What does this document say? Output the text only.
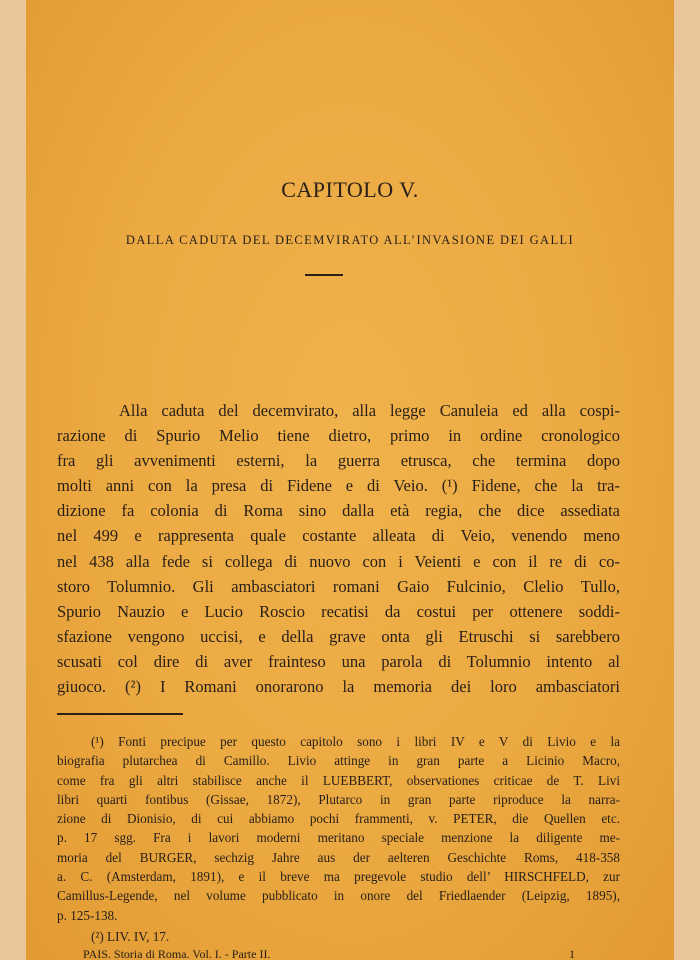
CAPITOLO V.
DALLA CADUTA DEL DECEMVIRATO ALL’INVASIONE DEI GALLI
Alla caduta del decemvirato, alla legge Canuleia ed alla cospi-
razione di Spurio Melio tiene dietro, primo in ordine cronologico
fra gli avvenimenti esterni, la guerra etrusca, che termina dopo
molti anni con la presa di Fidene e di Veio. (¹) Fidene, che la tra-
dizione fa colonia di Roma sino dalla età regia, che dice assediata
nel 499 e rappresenta quale costante alleata di Veio, venendo meno
nel 438 alla fede si collega di nuovo con i Veienti e con il re di co-
storo Tolumnio. Gli ambasciatori romani Gaio Fulcinio, Clelio Tullo,
Spurio Nauzio e Lucio Roscio recatisi da costui per ottenere soddi-
sfazione vengono uccisi, e della grave onta gli Etruschi si sarebbero
scusati col dire di aver frainteso una parola di Tolumnio intento al
giuoco. (²) I Romani onorarono la memoria dei loro ambasciatori
(¹) Fonti precipue per questo capitolo sono i libri IV e V di Livio e la
biografia plutarchea di Camillo. Livio attinge in gran parte a Licinio Macro,
come fra gli altri stabilisce anche il LUEBBERT, observationes criticae de T. Livi
libri quarti fontibus (Gissae, 1872), Plutarco in gran parte riproduce la narra-
zione di Dionisio, di cui abbiamo pochi frammenti, v. PETER, die Quellen etc.
p. 17 sgg. Fra i lavori moderni meritano speciale menzione la diligente me-
moria del BURGER, sechzig Jahre aus der aelteren Geschichte Roms, 418-358
a. C. (Amsterdam, 1891), e il breve ma pregevole studio dell’ HIRSCHFELD, zur
Camillus-Legende, nel volume pubblicato in onore del Friedlaender (Leipzig, 1895),
p. 125-138.
(²) LIV. IV, 17.
PAIS. Storia di Roma. Vol. I. - Parte II.	1
